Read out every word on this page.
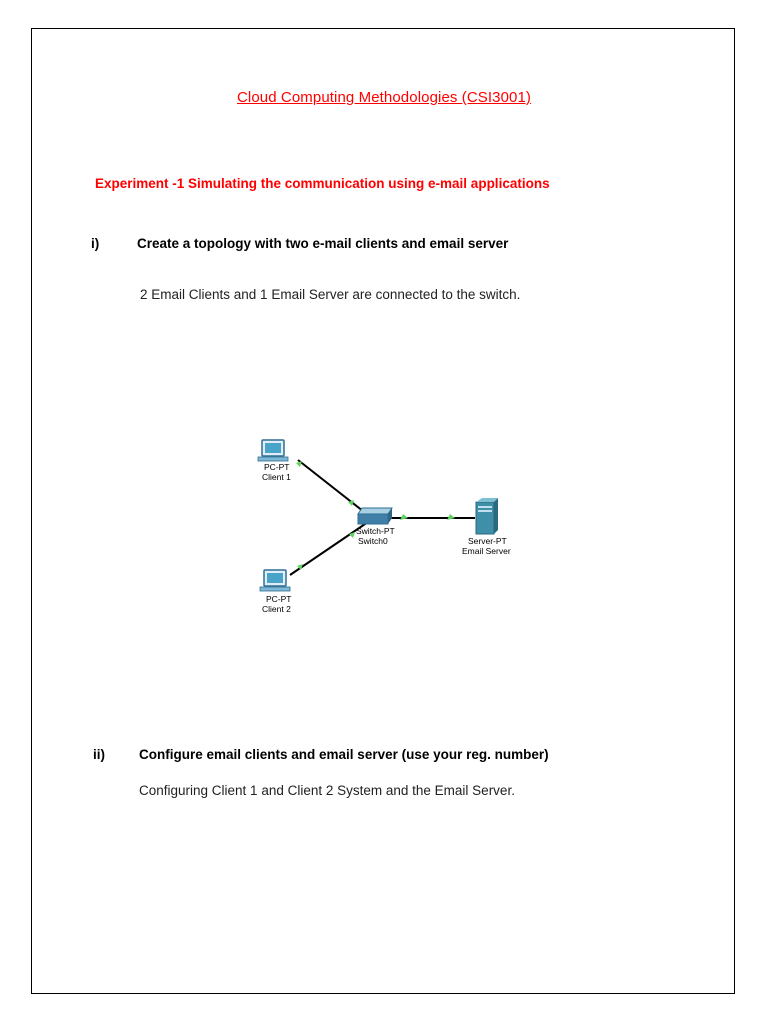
Cloud Computing Methodologies (CSI3001)
Experiment -1 Simulating the communication using e-mail applications
i)	Create a topology with two e-mail clients and email server
2 Email Clients and 1 Email Server are connected to the switch.
PC-PT
Client 1
Switch-PT
Switch0	Server-PT
Email Server
PC-PT
Client 2
ii)	Configure email clients and email server (use your reg. number)
Configuring Client 1 and Client 2 System and the Email Server.
